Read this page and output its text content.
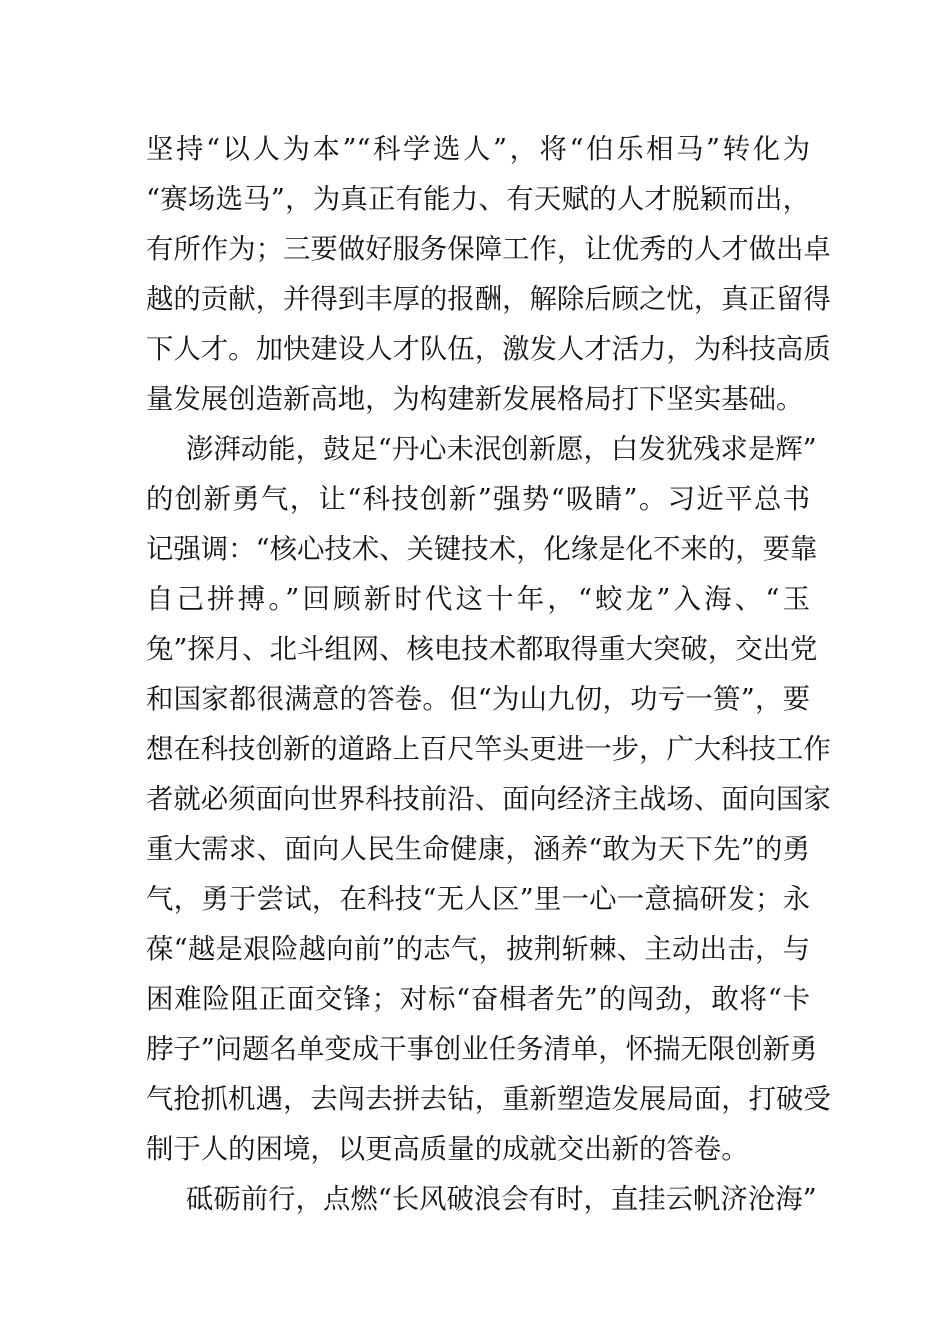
坚持“以人为本”“科学选人”，将“伯乐相马”转化为
“赛场选马”，为真正有能力、有天赋的人才脱颖而出，
有所作为；三要做好服务保障工作，让优秀的人才做出卓
越的贡献，并得到丰厚的报酬，解除后顾之忧，真正留得
下人才。加快建设人才队伍，激发人才活力，为科技高质
量发展创造新高地，为构建新发展格局打下坚实基础。
澎湃动能，鼓足“丹心未泯创新愿，白发犹残求是辉”
的创新勇气，让“科技创新”强势“吸睛”。习近平总书
记强调：“核心技术、关键技术，化缘是化不来的，要靠
自己拼搏。”回顾新时代这十年，“蛟龙”入海、“玉
兔”探月、北斗组网、核电技术都取得重大突破，交出党
和国家都很满意的答卷。但“为山九仞，功亏一篑”，要
想在科技创新的道路上百尺竿头更进一步，广大科技工作
者就必须面向世界科技前沿、面向经济主战场、面向国家
重大需求、面向人民生命健康，涵养“敢为天下先”的勇
气，勇于尝试，在科技“无人区”里一心一意搞研发；永
葆“越是艰险越向前”的志气，披荆斩棘、主动出击，与
困难险阻正面交锋；对标“奋楫者先”的闯劲，敢将“卡
脖子”问题名单变成干事创业任务清单，怀揣无限创新勇
气抢抓机遇，去闯去拼去钻，重新塑造发展局面，打破受
制于人的困境，以更高质量的成就交出新的答卷。
砥砺前行，点燃“长风破浪会有时，直挂云帆济沧海”
